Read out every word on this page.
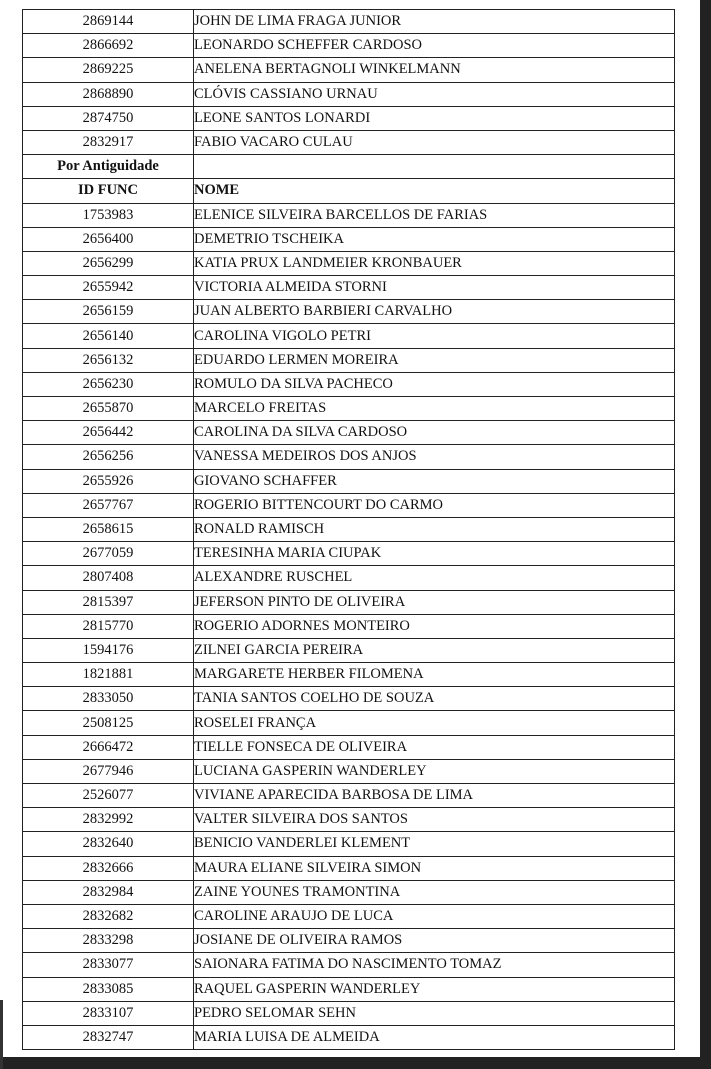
2869144	JOHN DE LIMA FRAGA JUNIOR
2866692	LEONARDO SCHEFFER CARDOSO
2869225	ANELENA BERTAGNOLI WINKELMANN
2868890	CLÓVIS CASSIANO URNAU
2874750	LEONE SANTOS LONARDI
2832917	FABIO VACARO CULAU
Por Antiguidade	
ID FUNC	NOME
1753983	ELENICE SILVEIRA BARCELLOS DE FARIAS
2656400	DEMETRIO TSCHEIKA
2656299	KATIA PRUX LANDMEIER KRONBAUER
2655942	VICTORIA ALMEIDA STORNI
2656159	JUAN ALBERTO BARBIERI CARVALHO
2656140	CAROLINA VIGOLO PETRI
2656132	EDUARDO LERMEN MOREIRA
2656230	ROMULO DA SILVA PACHECO
2655870	MARCELO FREITAS
2656442	CAROLINA DA SILVA CARDOSO
2656256	VANESSA MEDEIROS DOS ANJOS
2655926	GIOVANO SCHAFFER
2657767	ROGERIO BITTENCOURT DO CARMO
2658615	RONALD RAMISCH
2677059	TERESINHA MARIA CIUPAK
2807408	ALEXANDRE RUSCHEL
2815397	JEFERSON PINTO DE OLIVEIRA
2815770	ROGERIO ADORNES MONTEIRO
1594176	ZILNEI GARCIA PEREIRA
1821881	MARGARETE HERBER FILOMENA
2833050	TANIA SANTOS COELHO DE SOUZA
2508125	ROSELEI FRANÇA
2666472	TIELLE FONSECA DE OLIVEIRA
2677946	LUCIANA GASPERIN WANDERLEY
2526077	VIVIANE APARECIDA BARBOSA DE LIMA
2832992	VALTER SILVEIRA DOS SANTOS
2832640	BENICIO VANDERLEI KLEMENT
2832666	MAURA ELIANE SILVEIRA SIMON
2832984	ZAINE YOUNES TRAMONTINA
2832682	CAROLINE ARAUJO DE LUCA
2833298	JOSIANE DE OLIVEIRA RAMOS
2833077	SAIONARA FATIMA DO NASCIMENTO TOMAZ
2833085	RAQUEL GASPERIN WANDERLEY
2833107	PEDRO SELOMAR SEHN
2832747	MARIA LUISA DE ALMEIDA
